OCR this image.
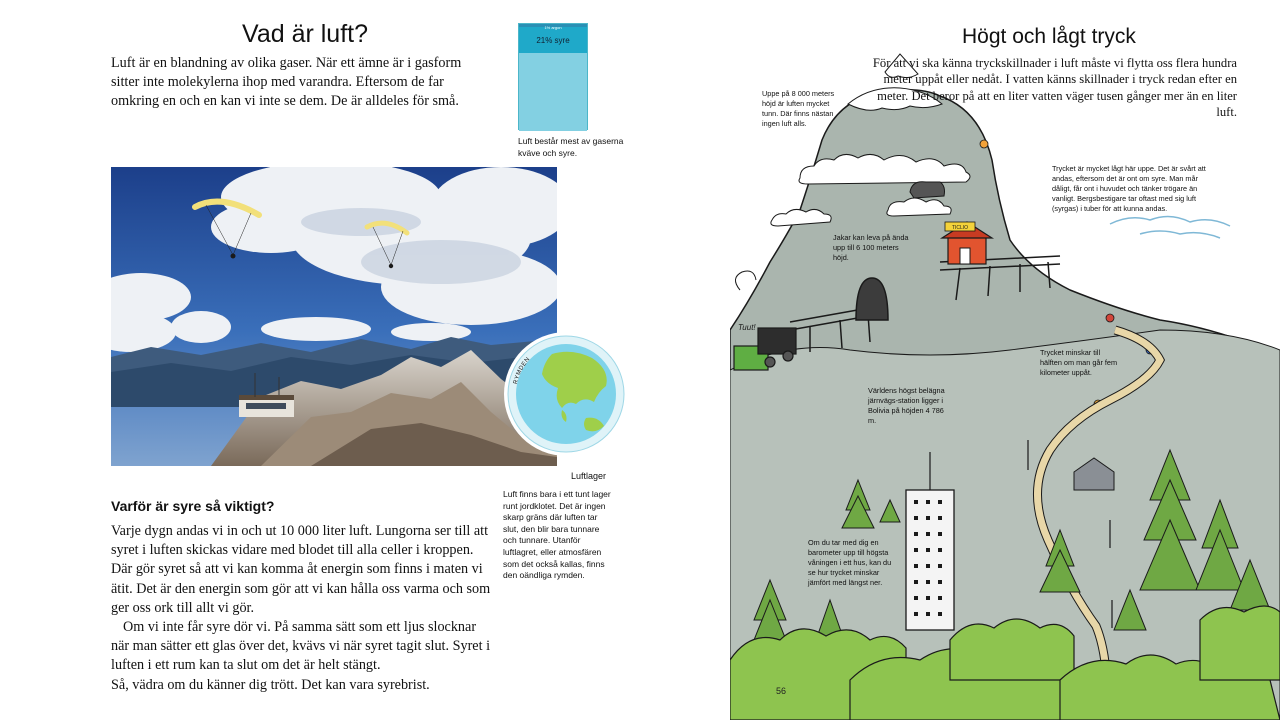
Vad är luft?

Luft är en blandning av olika gaser. När ett ämne är i gasform sitter inte molekylerna ihop med varandra. Eftersom de far omkring en och en kan vi inte se dem. De är alldeles för små.

1% argon
21% syre

Luft består mest av gaserna kväve och syre.

RYMDEN
Luftlager

Luft finns bara i ett tunt lager runt jordklotet. Det är ingen skarp gräns där luften tar slut, den blir bara tunnare och tunnare. Utanför luftlagret, eller atmosfären som det också kallas, finns den oändliga rymden.

Varför är syre så viktigt?

Varje dygn andas vi in och ut 10 000 liter luft. Lungorna ser till att syret i luften skickas vidare med blodet till alla celler i kroppen. Där gör syret så att vi kan komma åt energin som finns i maten vi ätit. Det är den energin som gör att vi kan hålla oss varma och som ger oss ork till allt vi gör.

Om vi inte får syre dör vi. På samma sätt som ett ljus slocknar när man sätter ett glas över det, kvävs vi när syret tagit slut. Syret i luften i ett rum kan ta slut om det är helt stängt.

Så, vädra om du känner dig trött. Det kan vara syrebrist.

TICLIO
Tuut!
Högt och lågt tryck

För att vi ska känna tryckskillnader i luft måste vi flytta oss flera hundra meter uppåt eller nedåt. I vatten känns skillnader i tryck redan efter en meter. Det beror på att en liter vatten väger tusen gånger mer än en liter luft.

Uppe på 8 000 meters höjd är luften mycket tunn. Där finns nästan ingen luft alls.

Trycket är mycket lågt här uppe. Det är svårt att andas, eftersom det är ont om syre. Man mår dåligt, får ont i huvudet och tänker trögare än vanligt. Bergsbestigare tar oftast med sig luft (syrgas) i tuber för att kunna andas.

Jakar kan leva på ända upp till 6 100 meters höjd.

Trycket minskar till hälften om man går fem kilometer uppåt.

Världens högst belägna järnvägs-station ligger i Bolivia på höjden 4 786 m.

Om du tar med dig en barometer upp till högsta våningen i ett hus, kan du se hur trycket minskar jämfört med längst ner.

56
